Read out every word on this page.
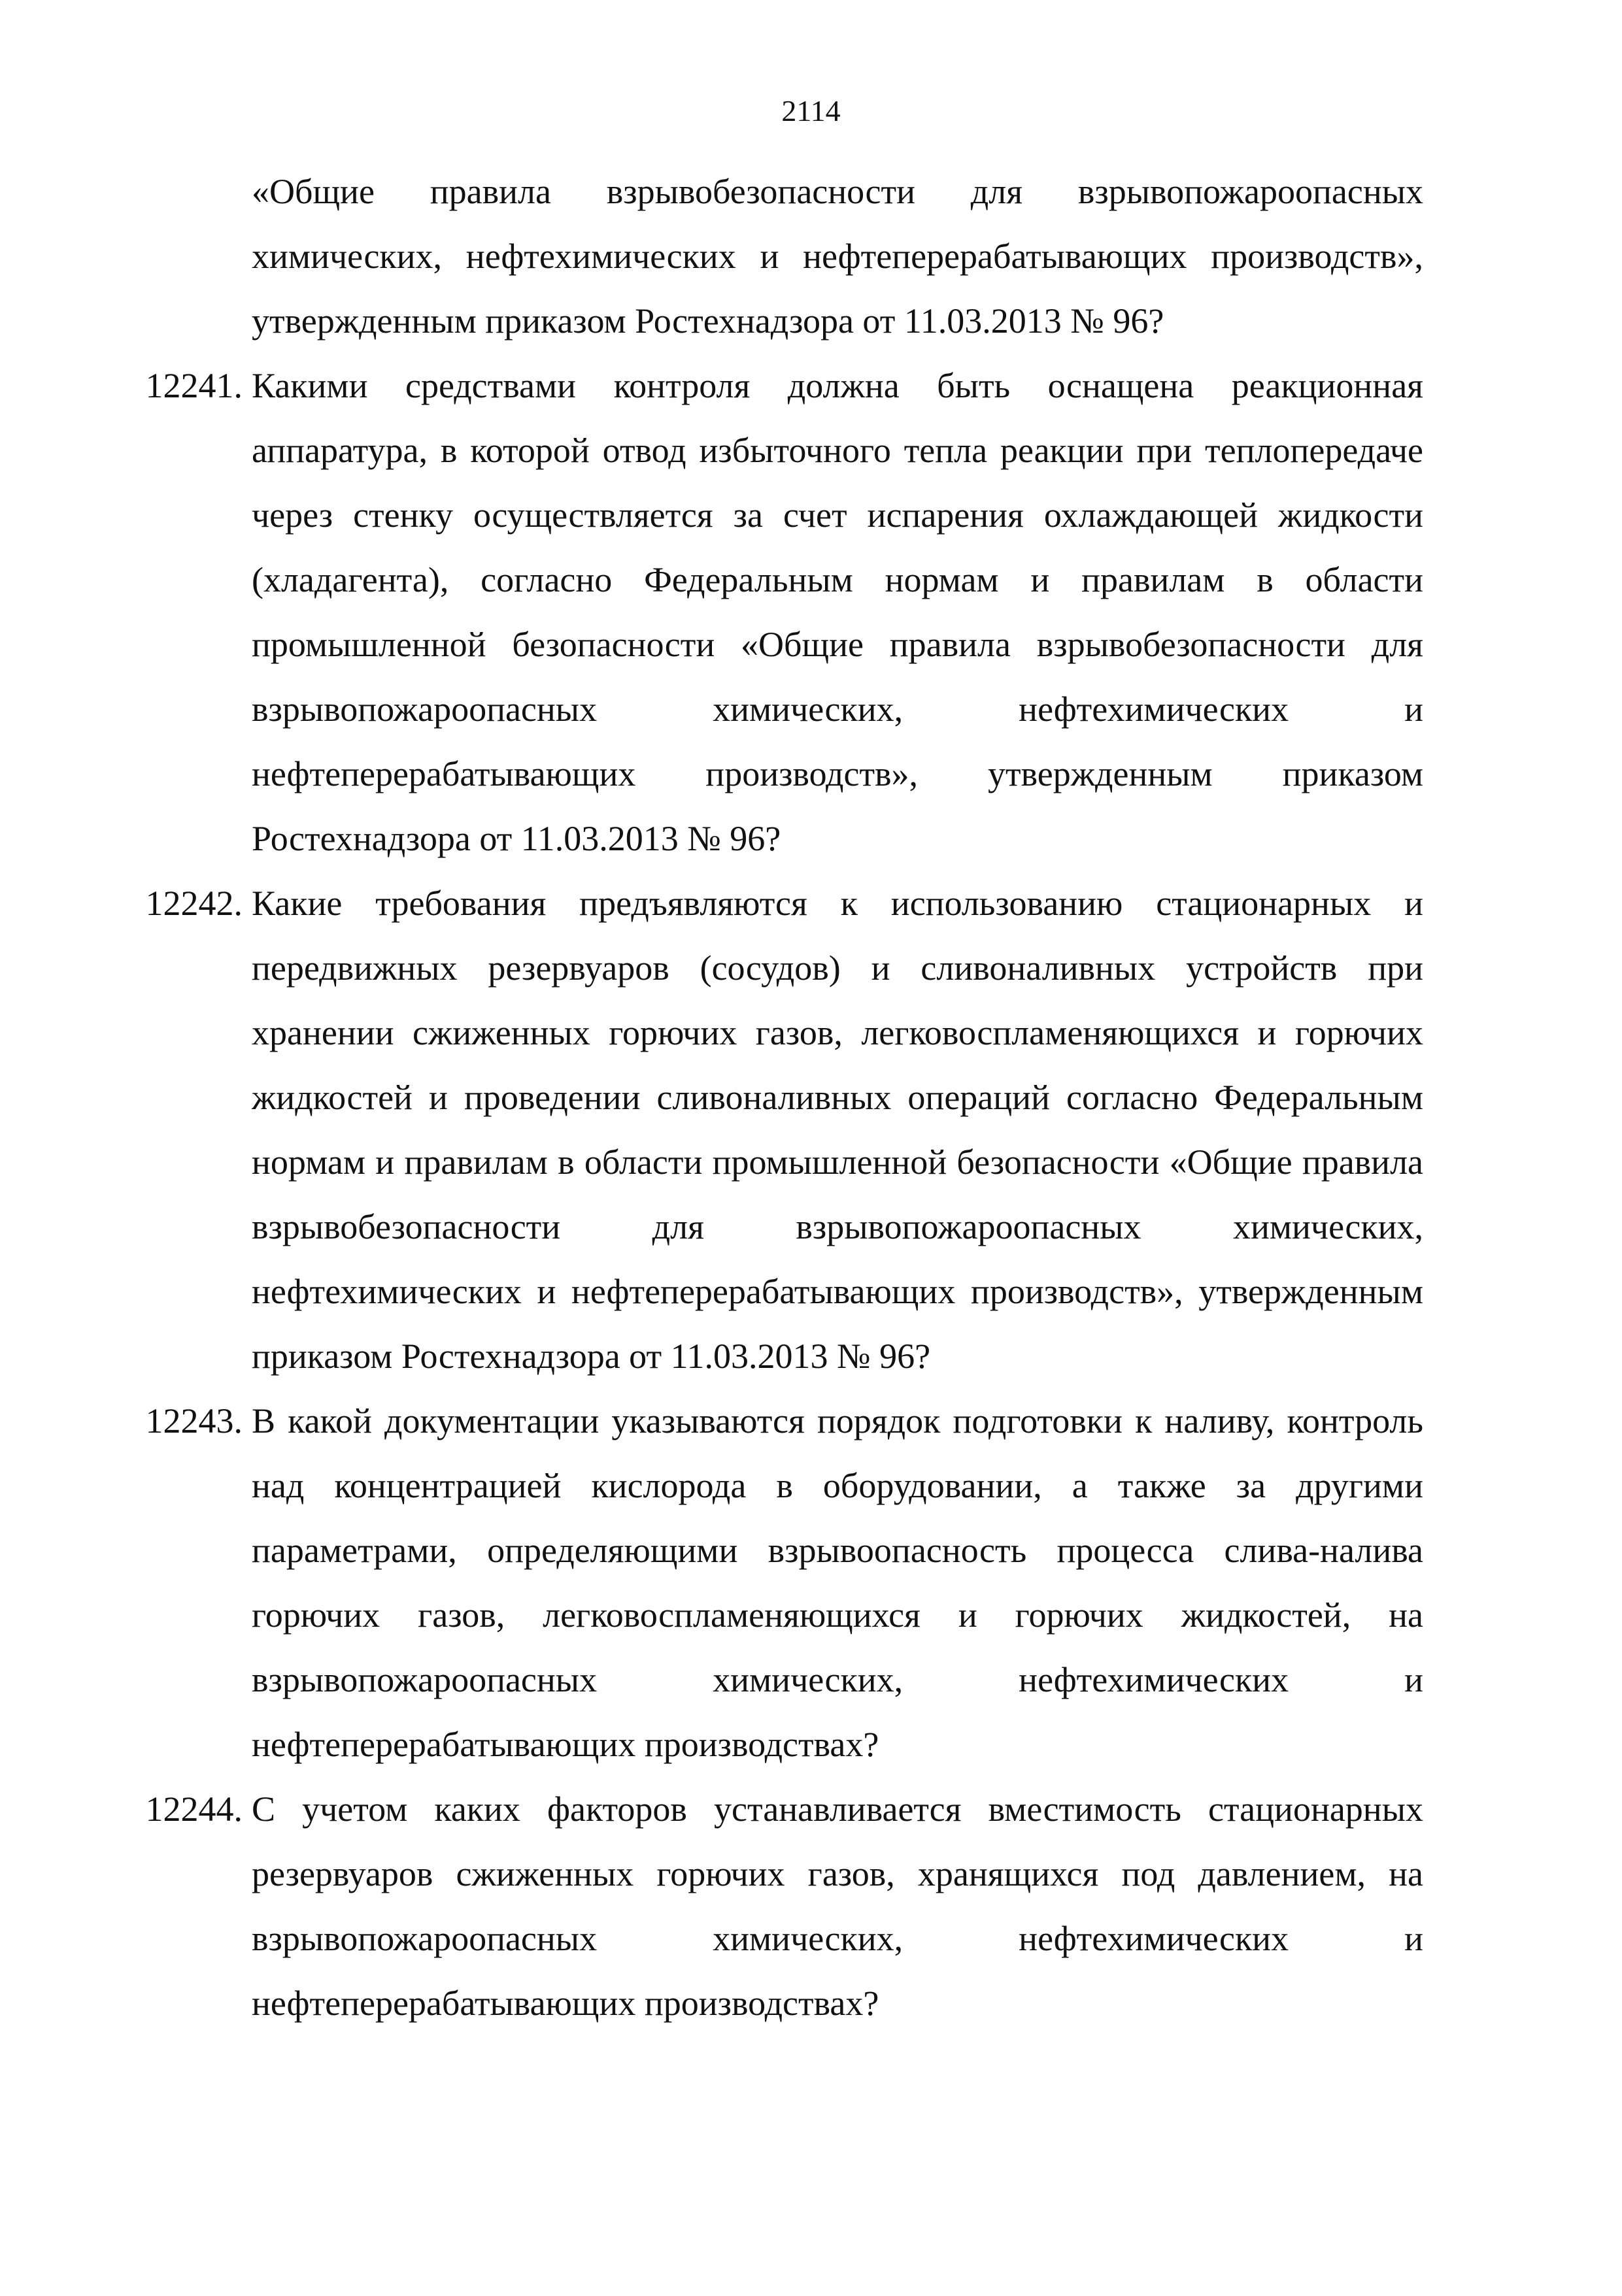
2114

«Общие правила взрывобезопасности для взрывопожароопасных химических, нефтехимических и нефтеперерабатывающих производств», утвержденным приказом Ростехнадзора от 11.03.2013 № 96?

12241. Какими средствами контроля должна быть оснащена реакционная аппаратура, в которой отвод избыточного тепла реакции при теплопередаче через стенку осуществляется за счет испарения охлаждающей жидкости (хладагента), согласно Федеральным нормам и правилам в области промышленной безопасности «Общие правила взрывобезопасности для взрывопожароопасных химических, нефтехимических и нефтеперерабатывающих производств», утвержденным приказом Ростехнадзора от 11.03.2013 № 96?

12242. Какие требования предъявляются к использованию стационарных и передвижных резервуаров (сосудов) и сливоналивных устройств при хранении сжиженных горючих газов, легковоспламеняющихся и горючих жидкостей и проведении сливоналивных операций согласно Федеральным нормам и правилам в области промышленной безопасности «Общие правила взрывобезопасности для взрывопожароопасных химических, нефтехимических и нефтеперерабатывающих производств», утвержденным приказом Ростехнадзора от 11.03.2013 № 96?

12243. В какой документации указываются порядок подготовки к наливу, контроль над концентрацией кислорода в оборудовании, а также за другими параметрами, определяющими взрывоопасность процесса слива-налива горючих газов, легковоспламеняющихся и горючих жидкостей, на взрывопожароопасных химических, нефтехимических и нефтеперерабатывающих производствах?

12244. С учетом каких факторов устанавливается вместимость стационарных резервуаров сжиженных горючих газов, хранящихся под давлением, на взрывопожароопасных химических, нефтехимических и нефтеперерабатывающих производствах?
